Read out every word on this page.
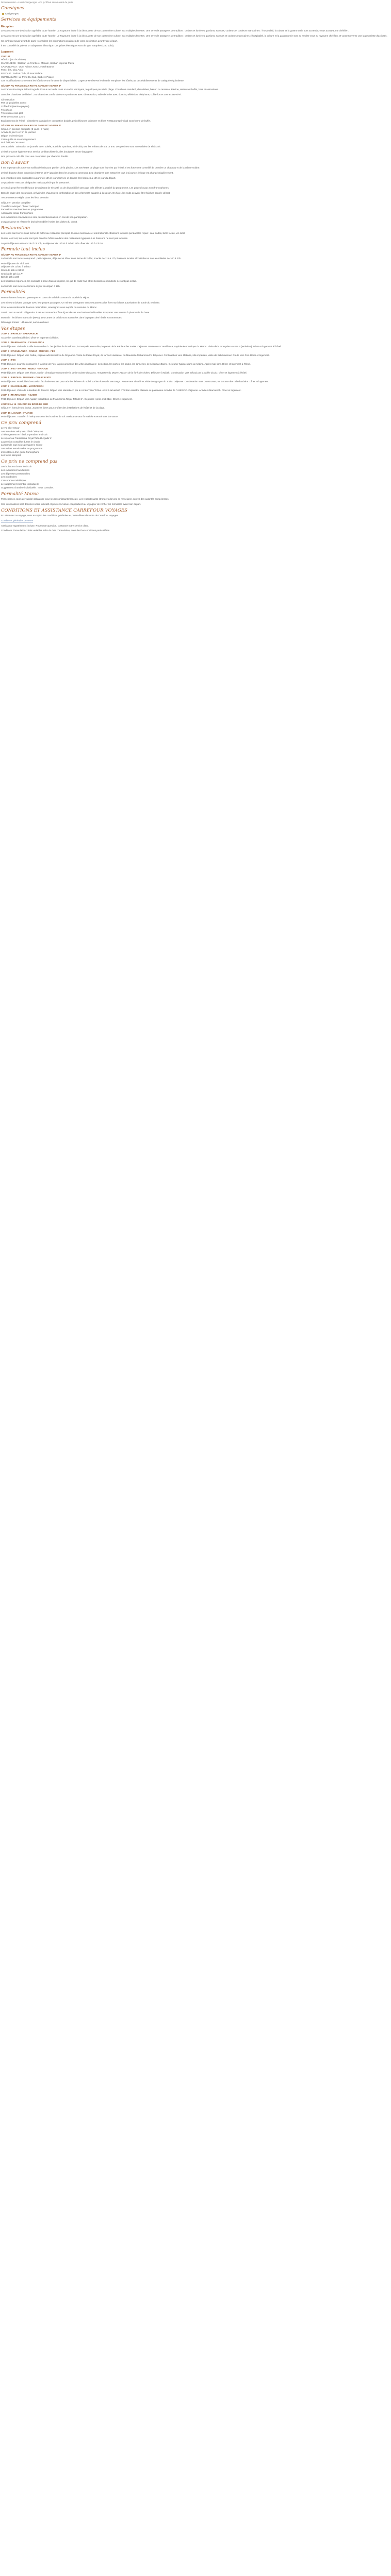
Documentation › Livret Canigeorges › Ce qu'il faut savoir avant de partir
Consignes
Canigeorges
Services et équipements
Réception

Le Maroc est une destination agréable toute l'année. La Royaume invite à la découverte de son patrimoine culturel aux multiples facettes. Une terre de partage et de tradition : ombres et lumières, parfums, saveurs, couleurs et couleurs marocaines : l'hospitalité, la culture et la gastronomie sont au rendez-vous au royaume chérifien.

Le Maroc est une destination agréable toute l'année. Le Royaume invite à la découverte de son patrimoine culturel aux multiples facettes. Une terre de partage et de tradition : ombres et lumières, parfums, saveurs et couleurs marocaines : l'hospitalité, la culture et la gastronomie sont au rendez-vous au royaume chérifien, et vous trouverez une large palette d'activités.

Ce qu'il faut savoir avant de partir : consultez les informations pratiques de votre destination avant votre départ.

Il est conseillé de prévoir un adaptateur électrique. Les prises électriques sont de type européen (220 volts).

Logement
CIRCUIT
Hôtel 3* (en circulation)
MARRAKECH : Dakkar, La Frontière, Mariam, Kasbah Imperial Plaza
CASABLANCA : Oum Palace, Kenzi, Hotel Basma
FES : Ibis, Idou Anfa
ERFOUD : Palm's Club, El Ksar Palace
OUARZAZATE : Le Perle Du Sud, Berbere Palace

Ces modifications concernant les hôtels seront fonction de disponibilités. L'agence se réserve le droit de remplacer les hôtels par des établissements de catégorie équivalente.

SÉJOUR AU FRAMISSIMA ROYAL TAFOUKT AGADIR 4*

Le Framissima Royal Tafoukt Agadir 4* vous accueille dans un cadre verdoyant, à quelques pas de la plage. Chambres standard, climatisées, balcon ou terrasse. Piscine, restaurant buffet, bars et animations.

Dans les chambres de l'hôtel : 270 chambres confortables et spacieuses avec climatisation, salle de bains avec douche, télévision, téléphone, coffre-fort et connexion Wi-Fi.

Climatisation
Pas de poubelles au sol
Coffre-fort (service payant)
Téléphone
Télévision écran plat
Prise de courant 220 V

Equipements de l'hôtel : Chambres standard en occupation double, petit-déjeuner, déjeuner et dîner. Restaurant principal sous forme de buffet.

SÉJOUR AU FRAMISSIMA ROYAL TAFOUKT AGADIR 4*
Séjour en pension complète (8 jours / 7 nuits)
Arrivée le jour 1 en fin de journée
Départ le dernier jour
Carte-guide et accompagnement
Nuit / départ / et retour

Les activités : animation en journée et en soirée, activités sportives, mini-club pour les enfants de 4 à 12 ans. Les piscines sont accessibles de 9h à 18h.

L'hôtel propose également un service de blanchisserie, des boutiques et une bagagerie.

Nos prix sont calculés pour une occupation par chambre double.

Bon à savoir

Il est important de porter un maillot de bain pour profiter de la piscine. Les serviettes de plage sont fournies par l'hôtel. Il est fortement conseillé de prendre un chapeau et de la crème solaire.

L'hôtel dispose d'une connexion internet Wi-Fi gratuite dans les espaces communs. Les chambres sont nettoyées tous les jours et le linge est changé régulièrement.

Les chambres sont disponibles à partir de 15h le jour d'arrivée et doivent être libérées à 12h le jour du départ.

Le pourboire n'est pas obligatoire mais apprécié par le personnel.

Le circuit peut être modifié pour des raisons de sécurité ou de disponibilité sans que cela affecte la qualité du programme. Les guides locaux sont francophones.

Dans le cadre des excursions, prévoir des chaussures confortables et des vêtements adaptés à la saison. En hiver, les nuits peuvent être fraîches dans le désert.

Tenue correcte exigée dans les lieux de culte.

Séjour en pension complète
Transferts aéroport / hôtel / aéroport
Excursions mentionnées au programme
Assistance locale francophone

Les excursions et activités ne sont pas remboursables en cas de non-participation.

L'organisateur se réserve le droit de modifier l'ordre des visites du circuit.

Restauration

Les repas sont servis sous forme de buffet au restaurant principal. Cuisine marocaine et internationale. Boissons incluses pendant les repas : eau, sodas, bière locale, vin local.

Durant le circuit, les repas sont pris dans les hôtels ou dans des restaurants typiques. Les boissons ne sont pas incluses.

Le petit-déjeuner est servi de 7h à 10h, le déjeuner de 12h30 à 14h30 et le dîner de 19h à 21h30.

Formule tout inclus
SÉJOUR AU FRAMISSIMA ROYAL TAFOUKT AGADIR 4*

La formule tout inclus comprend : petit-déjeuner, déjeuner et dîner sous forme de buffet, snacks de 11h à 17h, boissons locales alcoolisées et non alcoolisées de 10h à 23h.

Petit-déjeuner de 7h à 10h
Déjeuner de 12h30 à 14h30
Dîner de 19h à 21h30
Snacks de 11h à 17h
Bar de 10h à 23h

Les boissons importées, les cocktails à base d'alcool importé, les jus de fruits frais et les boissons en bouteille ne sont pas inclus.

La formule tout inclus se termine le jour du départ à 12h.

Formalités

Ressortissants français : passeport en cours de validité couvrant la totalité du séjour.

Les mineurs doivent voyager avec leur propre passeport. Un mineur voyageant sans ses parents doit être muni d'une autorisation de sortie du territoire.

Pour les ressortissants d'autres nationalités, renseignez-vous auprès du consulat du Maroc.

Santé : aucun vaccin obligatoire. Il est recommandé d'être à jour de ses vaccinations habituelles. Emportez une trousse à pharmacie de base.

Monnaie : le dirham marocain (MAD). Les cartes de crédit sont acceptées dans la plupart des hôtels et commerces.

Décalage horaire : -1h en été, aucun en hiver.

Vos étapes
JOUR 1 : FRANCE - MARRAKECH

Accueil et transfert à l'hôtel. Dîner et logement à l'hôtel.

JOUR 2 : MARRAKECH - CASABLANCA

Petit-déjeuner. Visite de la ville de Marrakech : les jardins de la Ménara, la mosquée Koutoubia, le palais de la Bahia et les souks. Déjeuner. Route vers Casablanca, capitale économique du Maroc. Visite de la mosquée Hassan II (extérieur). Dîner et logement à l'hôtel.

JOUR 3 : CASABLANCA - RABAT - MEKNES - FES

Petit-déjeuner. Départ vers Rabat, capitale administrative du Royaume. Visite du Palais Royal, de la Tour Hassan et du Mausolée Mohammed V. Déjeuner. Continuation vers Meknès, ville impériale, visite de Bab Mansour. Route vers Fès. Dîner et logement.

JOUR 4 : FES

Petit-déjeuner. Journée consacrée à la visite de Fès, la plus ancienne des villes impériales : la médina, les portes, les souks, les tanneries, la médersa Attarine. Déjeuner typique dans la médina. Après-midi libre. Dîner et logement à l'hôtel.

JOUR 5 : FES - IFRANE - MIDELT - ERFOUD

Petit-déjeuner. Départ vers Ifrane, station climatique surnommée la petite Suisse du Maroc. Traversée du Moyen Atlas et de la forêt de cèdres. Déjeuner à Midelt. Continuation vers Erfoud par la vallée du Ziz. Dîner et logement à l'hôtel.

JOUR 6 : ERFOUD - TINERHIR - OUARZAZATE

Petit-déjeuner. Possibilité d'excursion facultative en 4x4 pour admirer le lever du soleil sur les dunes de Merzouga. Route vers Tinerhir et visite des gorges du Todra. Déjeuner. Continuation vers Ouarzazate par la route des mille kasbahs. Dîner et logement.

JOUR 7 : OUARZAZATE - MARRAKECH

Petit-déjeuner. Visite de la kasbah de Taourirt. Départ vers Marrakech par le col du Tizi n'Tichka. Arrêt à la kasbah d'Aït Ben Haddou classée au patrimoine mondial de l'UNESCO. Déjeuner. Arrivée à Marrakech. Dîner et logement.

JOUR 8 : MARRAKECH - AGADIR

Petit-déjeuner. Départ vers Agadir. Installation au Framissima Royal Tafoukt 4*. Déjeuner. Après-midi libre. Dîner et logement.

JOURS 9 À 14 : SÉJOUR EN BORD DE MER

Séjour en formule tout inclus. Journées libres pour profiter des installations de l'hôtel et de la plage.

JOUR 15 : AGADIR - FRANCE

Petit-déjeuner. Transfert à l'aéroport selon les horaires de vol. Assistance aux formalités et envol vers la France.

Ce prix comprend
Le vol aller-retour
Les transferts aéroport / hôtel / aéroport
L'hébergement en hôtel 3* pendant le circuit
Le séjour au Framissima Royal Tafoukt Agadir 4*
La pension complète durant le circuit
La formule tout inclus pendant le séjour
Les visites mentionnées au programme
L'assistance d'un guide francophone
Les taxes aéroport
Ce prix ne comprend pas
Les boissons durant le circuit
Les excursions facultatives
Les dépenses personnelles
Les pourboires
L'assurance multirisque
Le supplément chambre individuelle

Supplément chambre individuelle : nous consulter.

Formalité Maroc

Passeport en cours de validité obligatoire pour les ressortissants français. Les ressortissants étrangers doivent se renseigner auprès des autorités compétentes.

Ces informations sont données à titre indicatif et peuvent évoluer. Il appartient au voyageur de vérifier les formalités avant son départ.

CONDITIONS ET ASSISTANCE CARREFOUR VOYAGES

En réservant ce voyage, vous acceptez les conditions générales et particulières de vente de Carrefour Voyages.

Conditions générales de vente

Assistance rapatriement incluse. Pour toute question, contactez notre service client.

Conditions d'annulation : frais variables selon la date d'annulation, consultez les conditions particulières.
